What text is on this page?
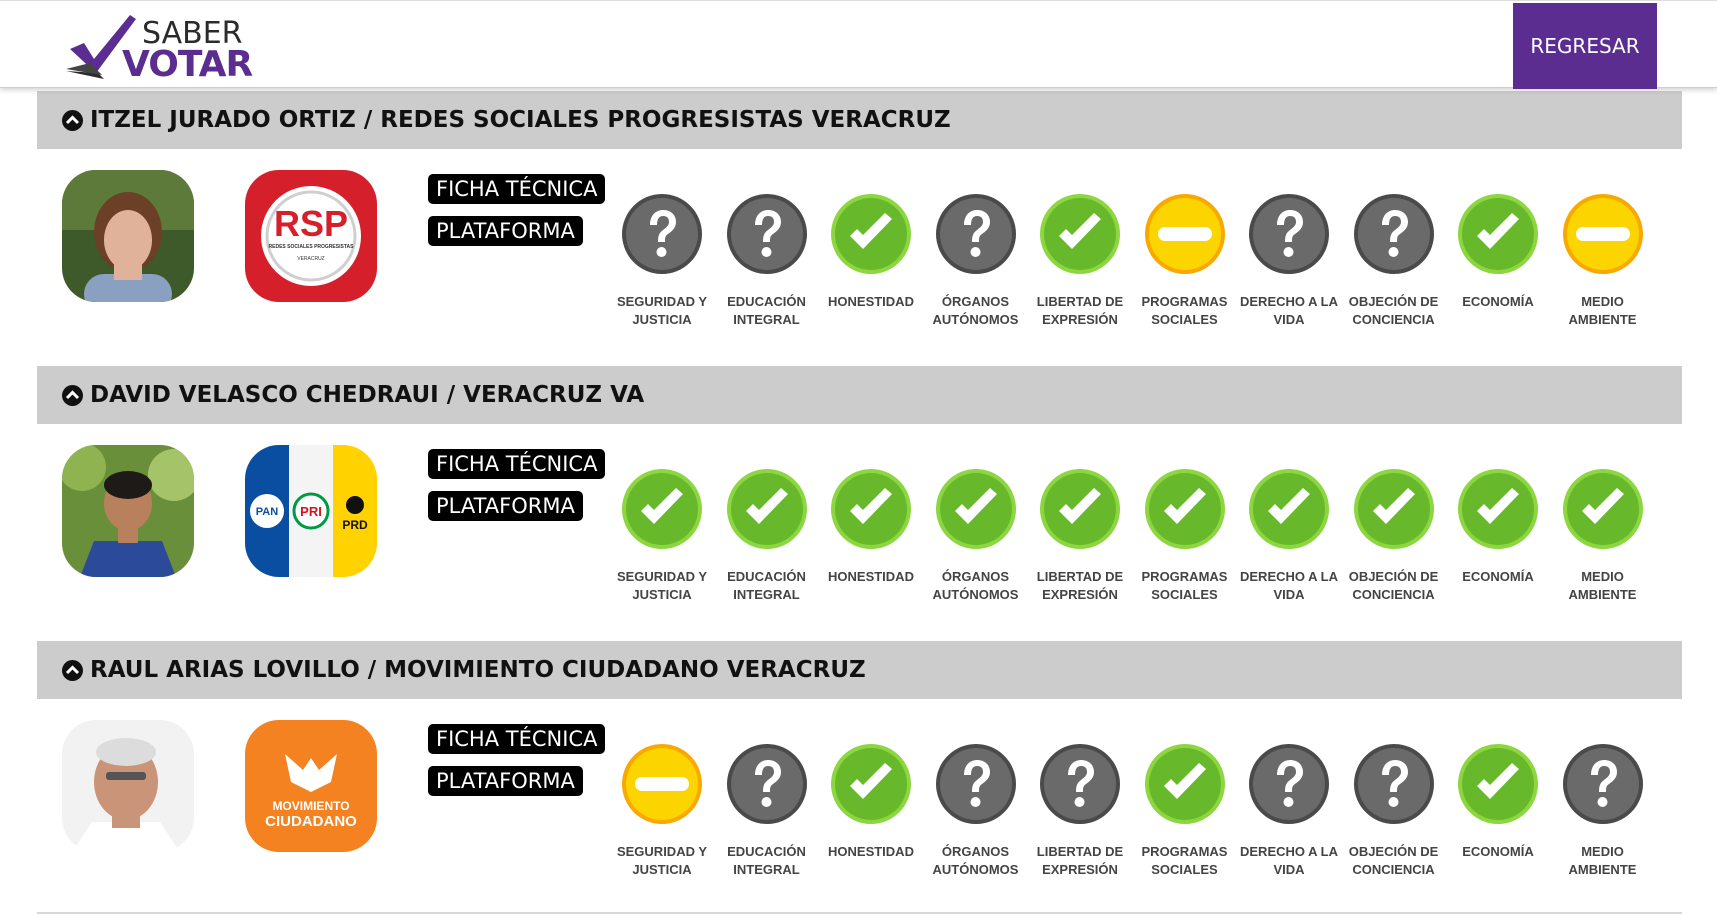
SABER
VOTAR	REGRESAR
ITZEL JURADO ORTIZ / REDES SOCIALES PROGRESISTAS VERACRUZ
RSP
REDES SOCIALES PROGRESISTAS
VERACRUZ
FICHA TÉCNICA
PLATAFORMA
SEGURIDAD Y JUSTICIA
EDUCACIÓN INTEGRAL
HONESTIDAD	ÓRGANOS AUTÓNOMOS
LIBERTAD DE EXPRESIÓN
PROGRAMAS SOCIALES
DERECHO A LA VIDA
OBJECIÓN DE CONCIENCIA
ECONOMÍA	MEDIO AMBIENTE
DAVID VELASCO CHEDRAUI / VERACRUZ VA
PAN PRI
PRD
FICHA TÉCNICA
PLATAFORMA
SEGURIDAD Y JUSTICIA
EDUCACIÓN INTEGRAL
HONESTIDAD	ÓRGANOS AUTÓNOMOS
LIBERTAD DE EXPRESIÓN
PROGRAMAS SOCIALES
DERECHO A LA VIDA
OBJECIÓN DE CONCIENCIA
ECONOMÍA	MEDIO AMBIENTE
RAUL ARIAS LOVILLO / MOVIMIENTO CIUDADANO VERACRUZ
MOVIMIENTO
CIUDADANO
FICHA TÉCNICA
PLATAFORMA
SEGURIDAD Y JUSTICIA
EDUCACIÓN INTEGRAL
HONESTIDAD	ÓRGANOS AUTÓNOMOS
LIBERTAD DE EXPRESIÓN
PROGRAMAS SOCIALES
DERECHO A LA VIDA
OBJECIÓN DE CONCIENCIA
ECONOMÍA	MEDIO AMBIENTE
